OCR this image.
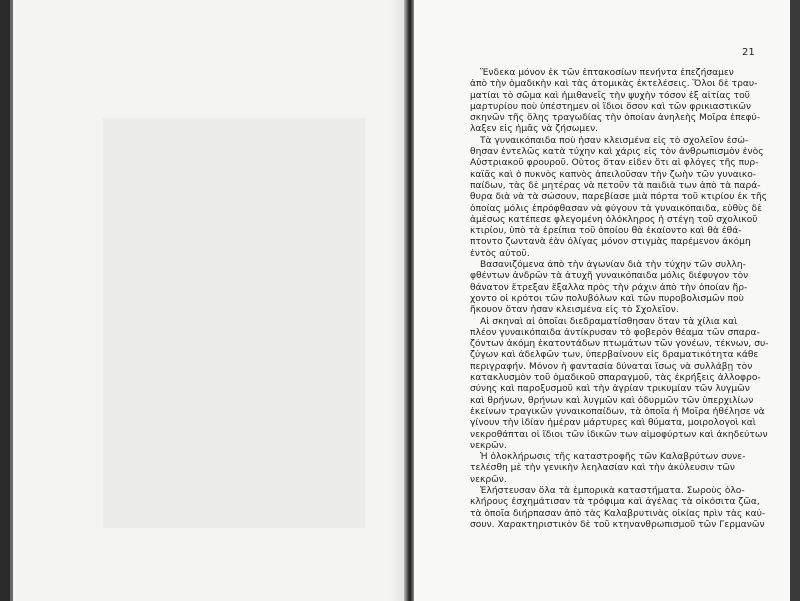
21
Ἕνδεκα μόνον ἐκ τῶν ἑπτακοσίων πενήντα ἐπεζήσαμεν
ἀπὸ τὴν ὁμαδικὴν καὶ τὰς ἀτομικὰς ἐκτελέσεις. Ὅλοι δὲ τραυ-
ματίαι τὸ σῶμα καὶ ἡμιθανεῖς τὴν ψυχὴν τόσον ἐξ αἰτίας τοῦ
μαρτυρίου ποὺ ὑπέστημεν οἱ ἴδιοι ὅσον καὶ τῶν φρικιαστικῶν
σκηνῶν τῆς ὅλης τραγωδίας τὴν ὁποίαν ἀνηλεὴς Μοῖρα ἐπεφύ-
λαξεν εἰς ἡμᾶς νὰ ζήσωμεν.
Τὰ γυναικόπαιδα ποὺ ἦσαν κλεισμένα εἰς τὸ σχολεῖον ἐσώ-
θησαν ἐντελῶς κατὰ τύχην καὶ χάρις εἰς τὸν ἀνθρωπισμὸν ἑνὸς
Αὐστριακοῦ φρουροῦ. Οὗτος ὅταν εἶδεν ὅτι αἱ φλόγες τῆς πυρ-
καϊᾶς καὶ ὁ πυκνὸς καπνὸς ἀπειλοῦσαν τὴν ζωὴν τῶν γυναικο-
παίδων, τὰς δὲ μητέρας νὰ πετοῦν τὰ παιδιὰ των ἀπὸ τὰ παρά-
θυρα διὰ νὰ τὰ σώσουν, παρεβίασε μιὰ πόρτα τοῦ κτιρίου ἐκ τῆς
ὁποίας μόλις ἐπρόφθασαν νὰ φύγουν τὰ γυναικόπαιδα, εὐθὺς δὲ
ἀμέσως κατέπεσε φλεγομένη ὁλόκληρος ἡ στέγη τοῦ σχολικοῦ
κτιρίου, ὑπὸ τὰ ἐρείπια τοῦ ὁποίου θὰ ἐκαίοντο καὶ θὰ ἐθά-
πτοντο ζωντανὰ ἐὰν ὀλίγας μόνον στιγμὰς παρέμενον ἀκόμη
ἐντὸς αὐτοῦ.
Βασανιζόμενα ἀπὸ τὴν ἀγωνίαν διὰ τὴν τύχην τῶν συλλη-
φθέντων ἀνδρῶν τὰ ἀτυχῆ γυναικόπαιδα μόλις διέφυγον τὸν
θάνατον ἔτρεξαν ἔξαλλα πρὸς τὴν ράχιν ἀπὸ τὴν ὁποίαν ἤρ-
χοντο οἱ κρότοι τῶν πολυβόλων καὶ τῶν πυροβολισμῶν ποὺ
ἤκουον ὅταν ἦσαν κλεισμένα εἰς τὸ Σχολεῖον.
Αἱ σκηναὶ αἱ ὁποῖαι διεδραματίσθησαν ὅταν τὰ χίλια καὶ
πλέον γυναικόπαιδα ἀντίκρυσαν τὸ φοβερὸν θέαμα τῶν σπαρα-
ζόντων ἀκόμη ἑκατοντάδων πτωμάτων τῶν γονέων, τέκνων, συ-
ζύγων καὶ ἀδελφῶν των, ὑπερβαίνουν εἰς δραματικότητα κάθε
περιγραφήν. Μόνον ἡ φαντασία δύναται ἴσως νὰ συλλάβῃ τὸν
κατακλυσμὸν τοῦ ὁμαδικοῦ σπαραγμοῦ, τὰς ἐκρήξεις ἀλλοφρο-
σύνης καὶ παροξυσμοῦ καὶ τὴν ἀγρίαν τρικυμίαν τῶν λυγμῶν
καὶ θρήνων, θρήνων καὶ λυγμῶν καὶ ὀδυρμῶν τῶν ὑπερχιλίων
ἐκείνων τραγικῶν γυναικοπαίδων, τὰ ὁποῖα ἡ Μοῖρα ἠθέλησε νὰ
γίνουν τὴν ἰδίαν ἡμέραν μάρτυρες καὶ θύματα, μοιρολογοὶ καὶ
νεκροθάπται οἱ ἴδιοι τῶν ἰδικῶν των αἱμοφύρτων καὶ ἀκηδεύτων
νεκρῶν.
Ἡ ὁλοκλήρωσις τῆς καταστροφῆς τῶν Καλαβρύτων συνε-
τελέσθη μὲ τὴν γενικὴν λεηλασίαν καὶ τὴν ἀκύλευσιν τῶν
νεκρῶν.
Ἐλήστευσαν ὅλα τὰ ἐμπορικὰ καταστήματα. Σωροὺς ὁλο-
κλήρους ἐσχημάτισαν τὰ τρόφιμα καὶ ἀγέλας τὰ οἰκόσιτα ζῶα,
τὰ ὁποῖα διήρπασαν ἀπὸ τὰς Καλαβρυτινὰς οἰκίας πρὶν τὰς καύ-
σουν. Χαρακτηριστικὸν δὲ τοῦ κτηνανθρωπισμοῦ τῶν Γερμανῶν
